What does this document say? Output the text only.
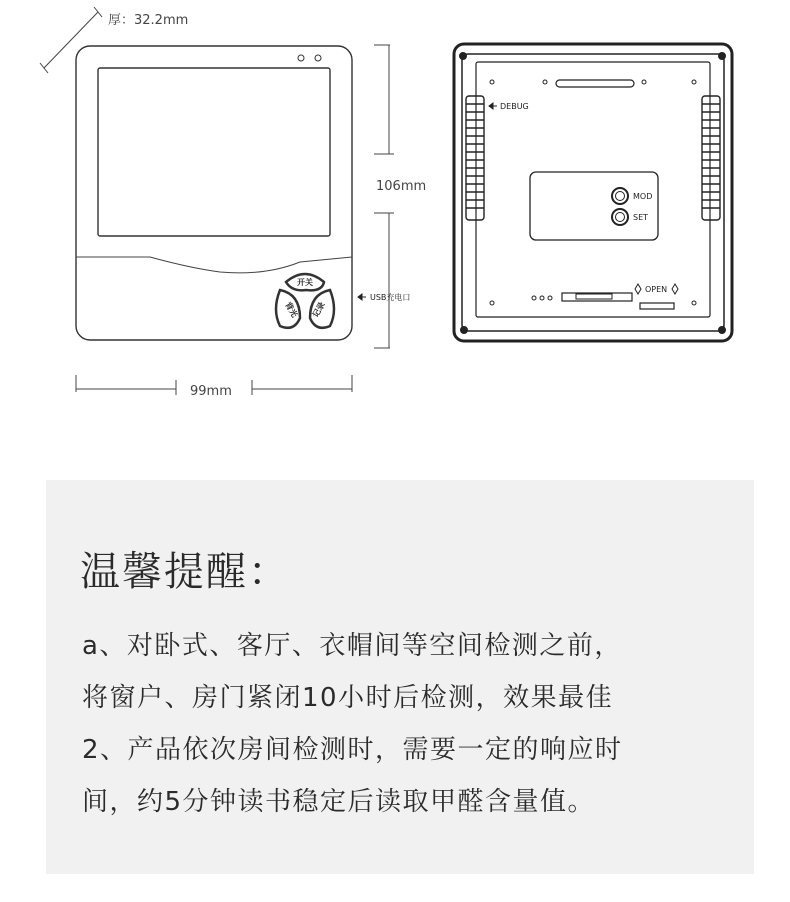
厚：32.2mm
开关
背光 记录
106mm
USB充电口
99mm
DEBUG
MOD
SET
OPEN
温馨提醒：
a、对卧式、客厅、衣帽间等空间检测之前，
将窗户、房门紧闭10小时后检测，效果最佳
2、产品依次房间检测时，需要一定的响应时
间，约5分钟读书稳定后读取甲醛含量值。
